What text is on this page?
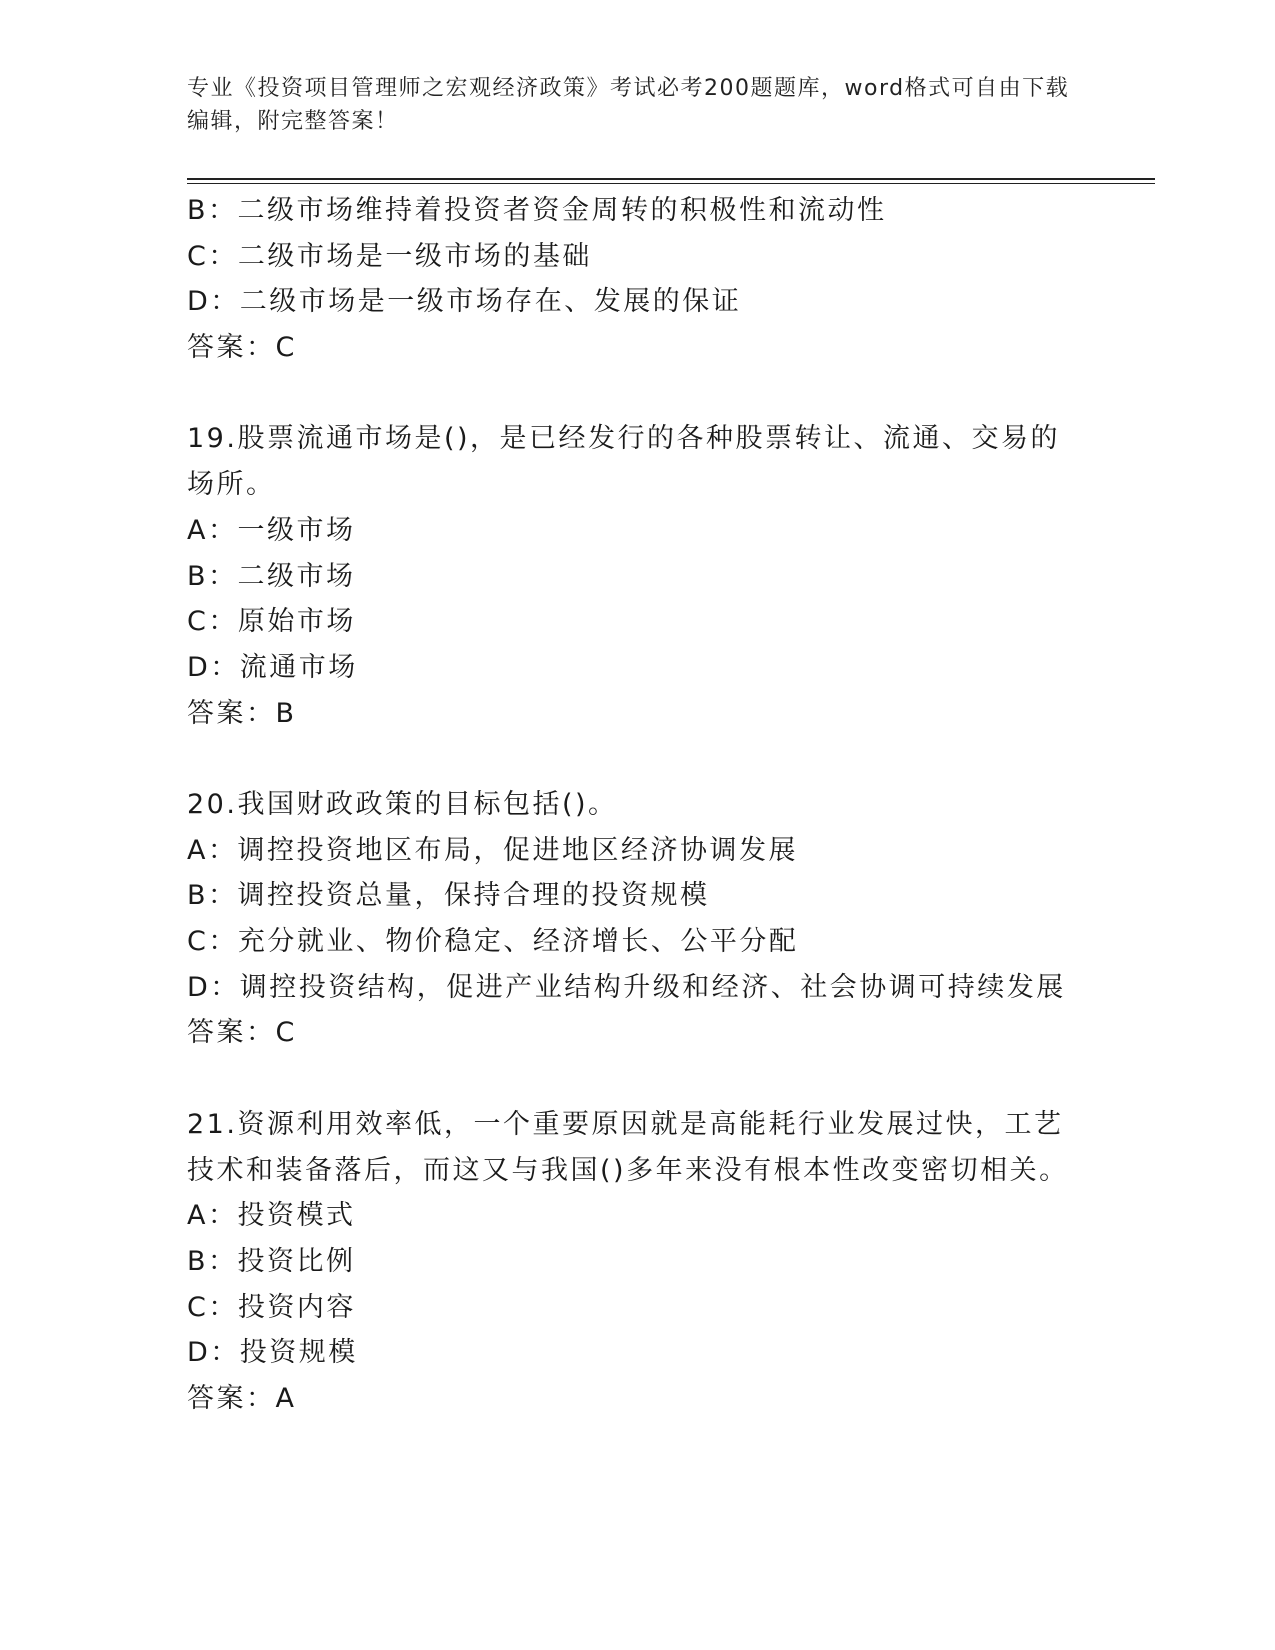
专业《投资项目管理师之宏观经济政策》考试必考200题题库，word格式可自由下载编辑，附完整答案！
B：二级市场维持着投资者资金周转的积极性和流动性
C：二级市场是一级市场的基础
D：二级市场是一级市场存在、发展的保证
答案：C
19.股票流通市场是()，是已经发行的各种股票转让、流通、交易的场所。
A：一级市场
B：二级市场
C：原始市场
D：流通市场
答案：B
20.我国财政政策的目标包括()。
A：调控投资地区布局，促进地区经济协调发展
B：调控投资总量，保持合理的投资规模
C：充分就业、物价稳定、经济增长、公平分配
D：调控投资结构，促进产业结构升级和经济、社会协调可持续发展
答案：C
21.资源利用效率低，一个重要原因就是高能耗行业发展过快，工艺技术和装备落后，而这又与我国()多年来没有根本性改变密切相关。
A：投资模式
B：投资比例
C：投资内容
D：投资规模
答案：A
